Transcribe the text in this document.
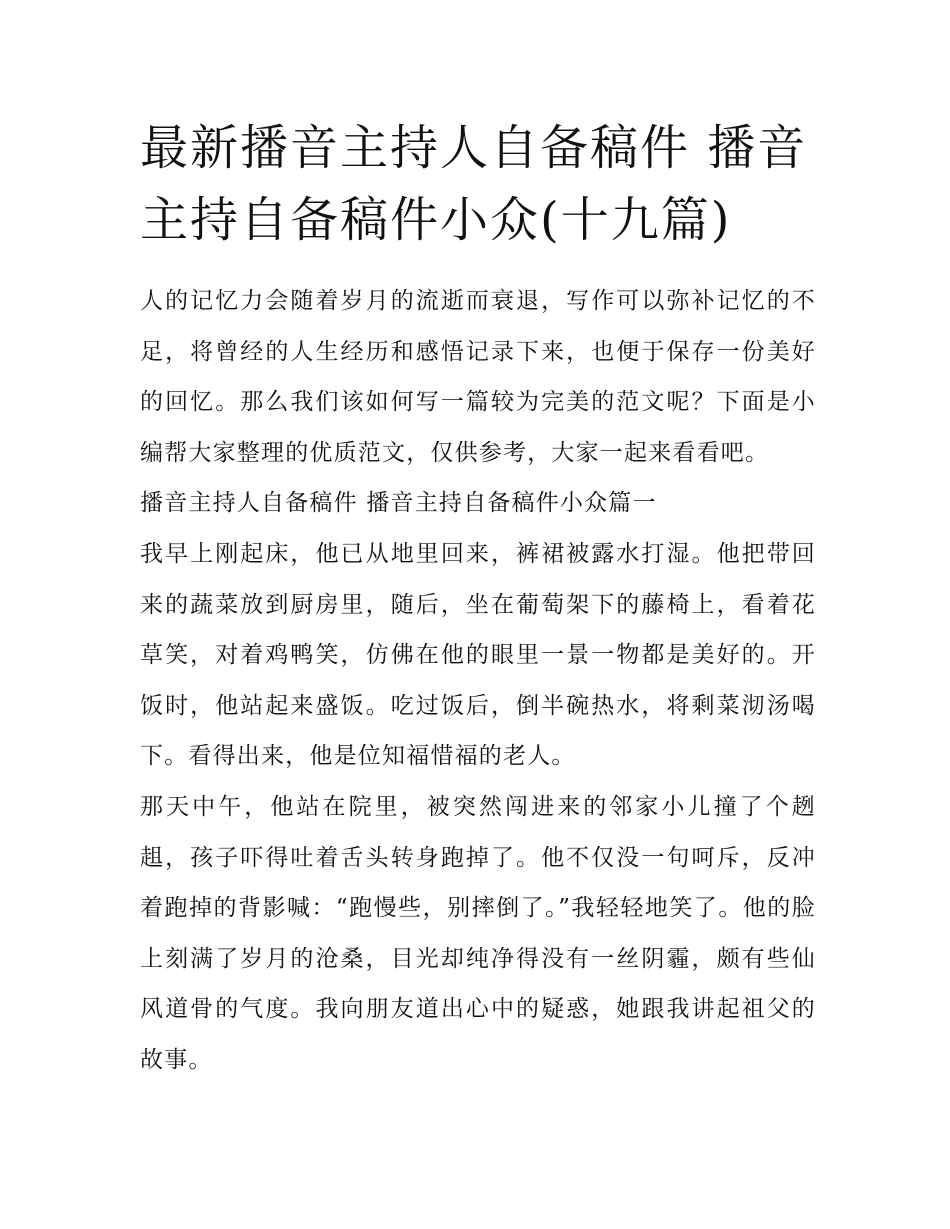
最新播音主持人自备稿件 播音主持自备稿件小众(十九篇)

人的记忆力会随着岁月的流逝而衰退，写作可以弥补记忆的不足，将曾经的人生经历和感悟记录下来，也便于保存一份美好的回忆。那么我们该如何写一篇较为完美的范文呢？下面是小编帮大家整理的优质范文，仅供参考，大家一起来看看吧。

播音主持人自备稿件 播音主持自备稿件小众篇一

我早上刚起床，他已从地里回来，裤裙被露水打湿。他把带回来的蔬菜放到厨房里，随后，坐在葡萄架下的藤椅上，看着花草笑，对着鸡鸭笑，仿佛在他的眼里一景一物都是美好的。开饭时，他站起来盛饭。吃过饭后，倒半碗热水，将剩菜沏汤喝下。看得出来，他是位知福惜福的老人。

那天中午，他站在院里，被突然闯进来的邻家小儿撞了个趔趄，孩子吓得吐着舌头转身跑掉了。他不仅没一句呵斥，反冲着跑掉的背影喊：“跑慢些，别摔倒了。”我轻轻地笑了。他的脸上刻满了岁月的沧桑，目光却纯净得没有一丝阴霾，颇有些仙风道骨的气度。我向朋友道出心中的疑惑，她跟我讲起祖父的故事。
